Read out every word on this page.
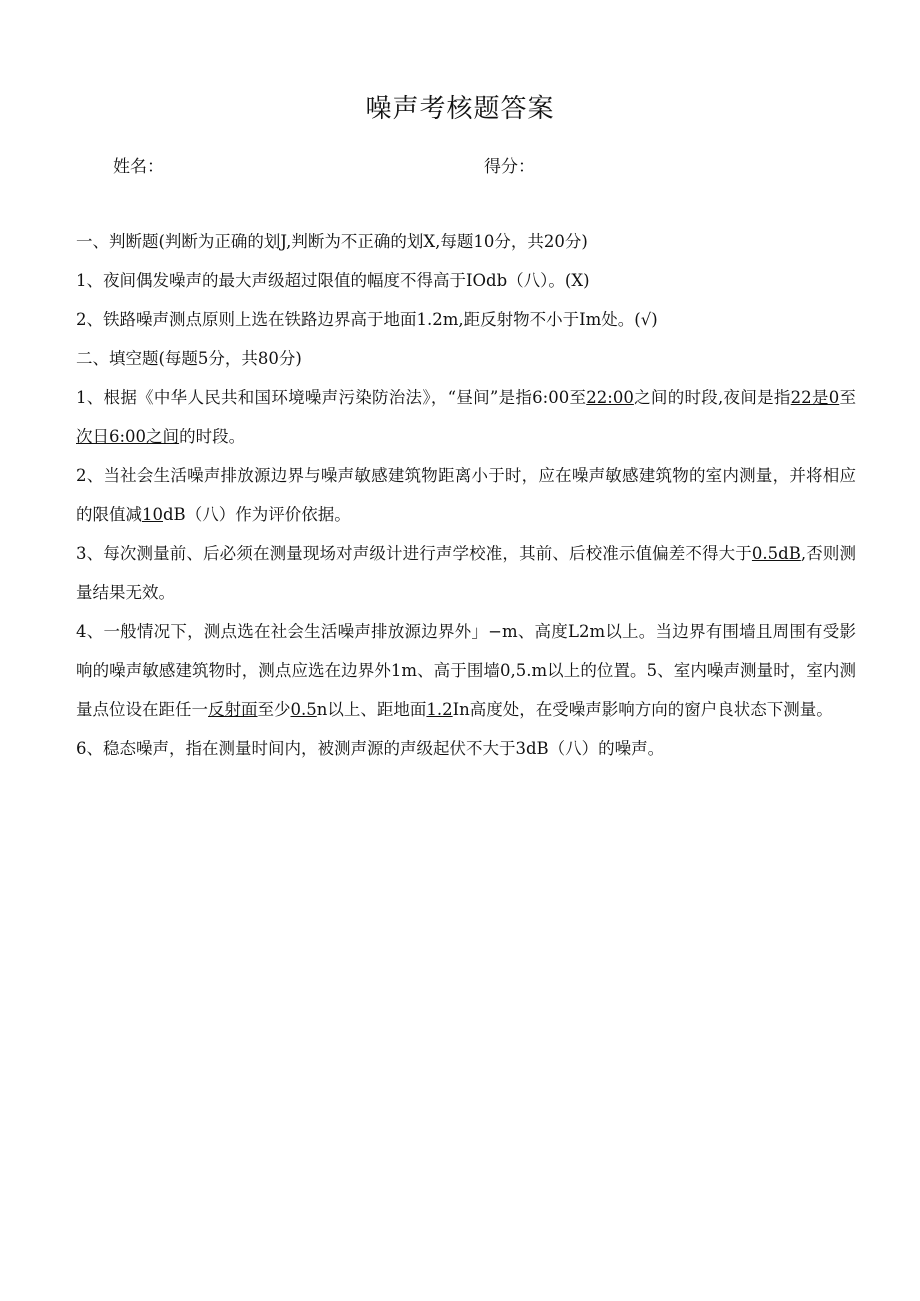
噪声考核题答案
姓名：	得分：

一、判断题(判断为正确的划J,判断为不正确的划X,每题10分，共20分)

1、夜间偶发噪声的最大声级超过限值的幅度不得高于IOdb（八）。(X)

2、铁路噪声测点原则上选在铁路边界高于地面1.2m,距反射物不小于Im处。(√)

二、填空题(每题5分，共80分)

1、根据《中华人民共和国环境噪声污染防治法》，“昼间”是指6:00至22:00之间的时段,夜间是指22是0至次日6:00之间的时段。

2、当社会生活噪声排放源边界与噪声敏感建筑物距离小于时，应在噪声敏感建筑物的室内测量，并将相应的限值减10dB（八）作为评价依据。

3、每次测量前、后必须在测量现场对声级计进行声学校准，其前、后校准示值偏差不得大于0.5dB,否则测量结果无效。

4、一般情况下，测点选在社会生活噪声排放源边界外」−m、高度L2m以上。当边界有围墙且周围有受影响的噪声敏感建筑物时，测点应选在边界外1m、高于围墙0,5.m以上的位置。5、室内噪声测量时，室内测量点位设在距任一反射面至少0.5n以上、距地面1.2In高度处，在受噪声影响方向的窗户良状态下测量。

6、稳态噪声，指在测量时间内，被测声源的声级起伏不大于3dB（八）的噪声。
